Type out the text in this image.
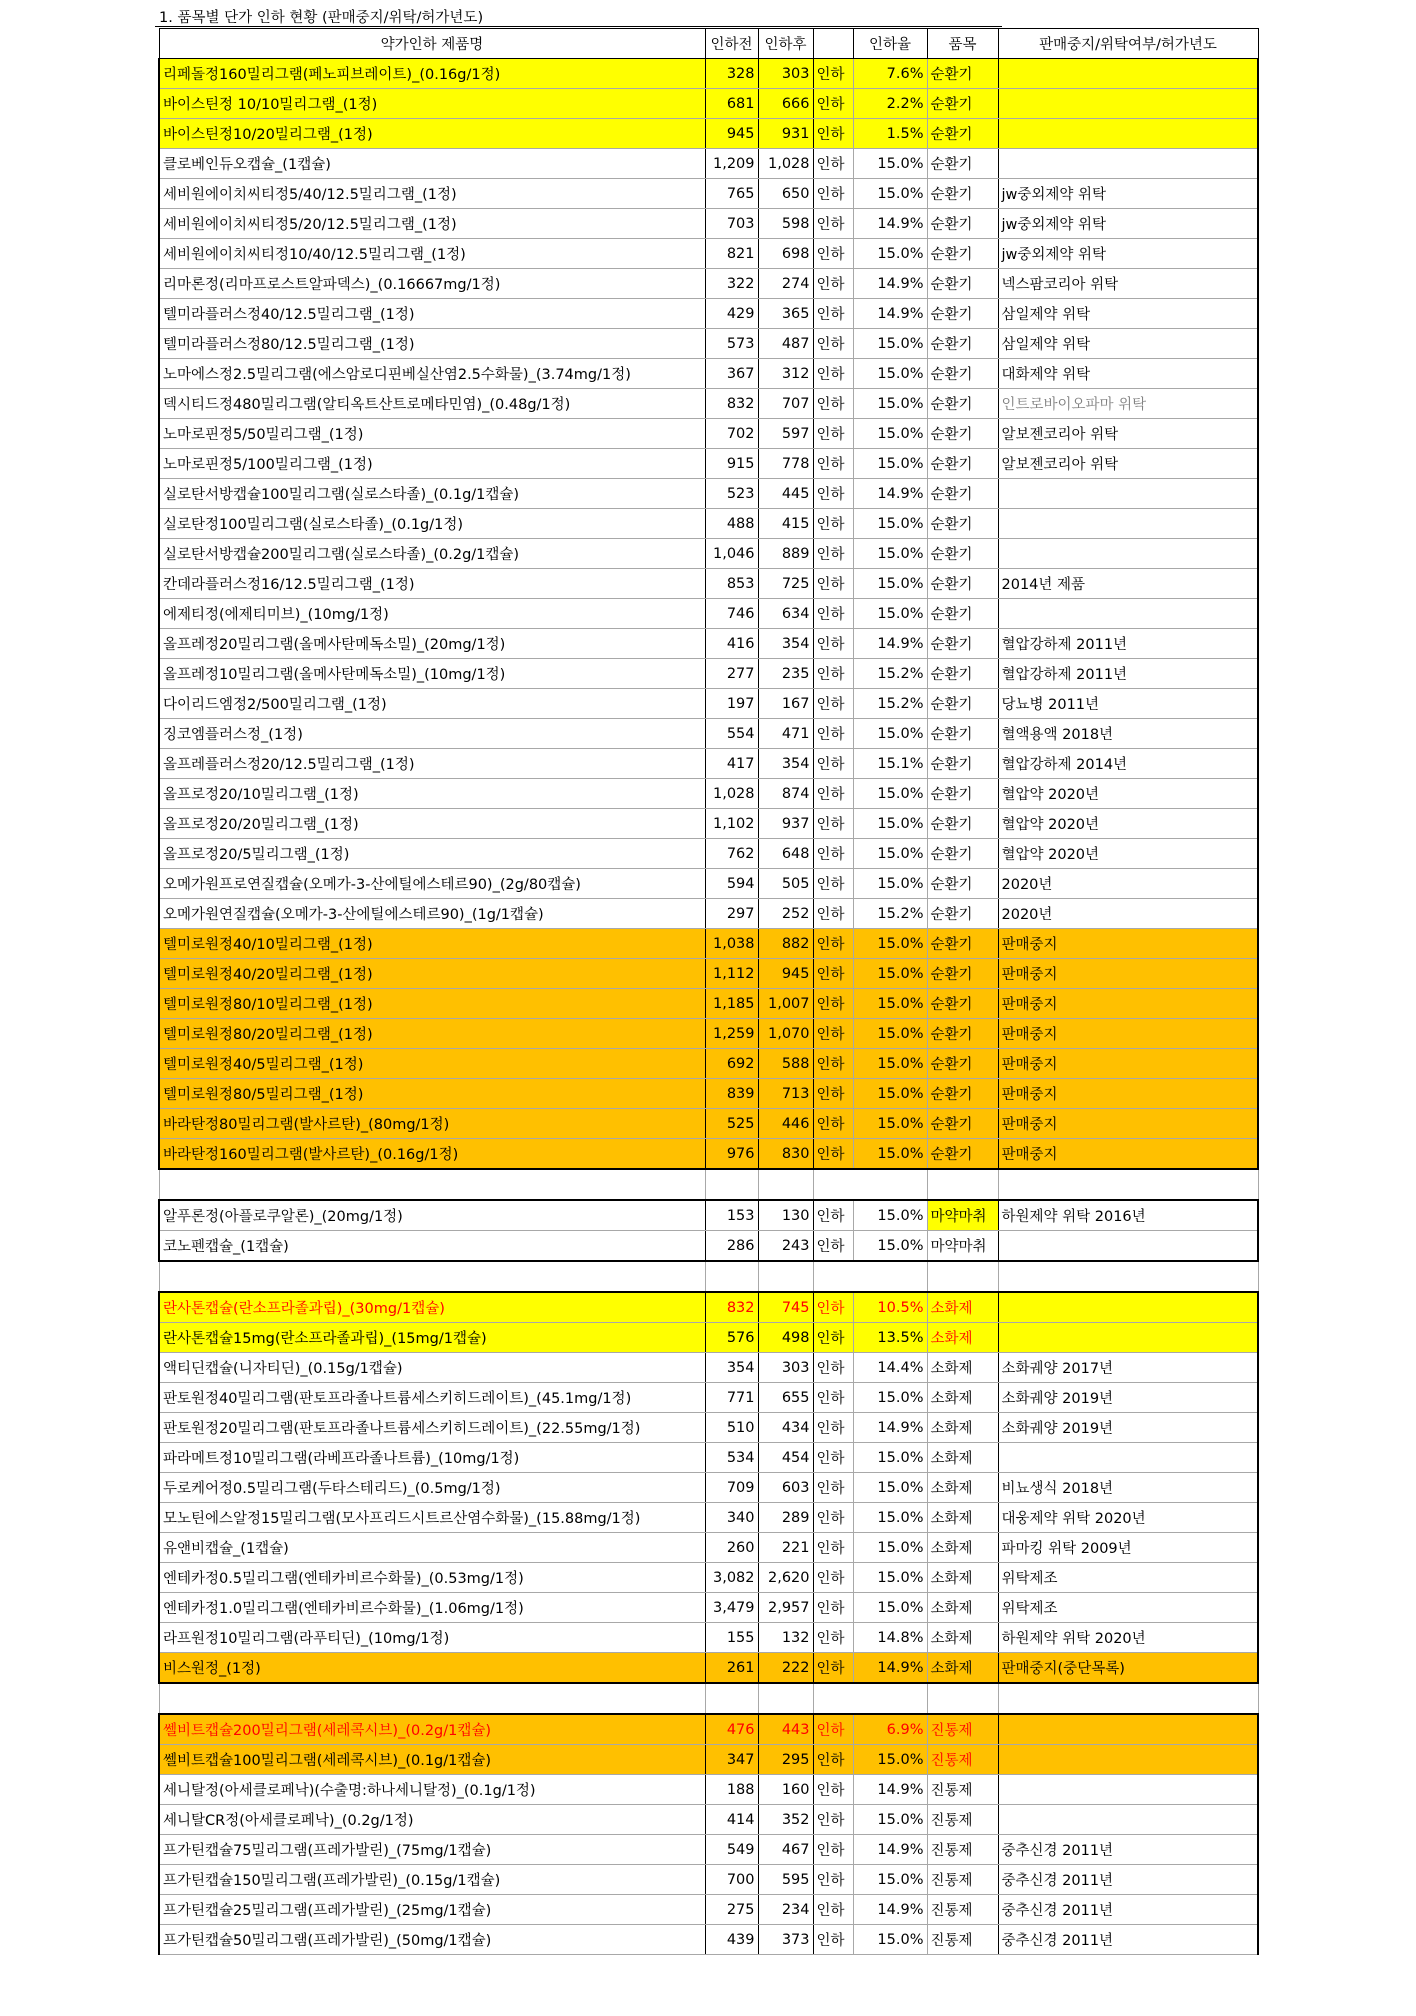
1. 품목별 단가 인하 현황 (판매중지/위탁/허가년도)
약가인하 제품명	인하전	인하후		인하율	품목	판매중지/위탁여부/허가년도
리페돌정160밀리그램(페노피브레이트)_(0.16g/1정)	328	303	인하	7.6%	순환기	
바이스틴정 10/10밀리그램_(1정)	681	666	인하	2.2%	순환기	
바이스틴정10/20밀리그램_(1정)	945	931	인하	1.5%	순환기	
클로베인듀오캡슐_(1캡슐)	1,209	1,028	인하	15.0%	순환기	
세비원에이치씨티정5/40/12.5밀리그램_(1정)	765	650	인하	15.0%	순환기	jw중외제약 위탁
세비원에이치씨티정5/20/12.5밀리그램_(1정)	703	598	인하	14.9%	순환기	jw중외제약 위탁
세비원에이치씨티정10/40/12.5밀리그램_(1정)	821	698	인하	15.0%	순환기	jw중외제약 위탁
리마론정(리마프로스트알파덱스)_(0.16667mg/1정)	322	274	인하	14.9%	순환기	넥스팜코리아 위탁
텔미라플러스정40/12.5밀리그램_(1정)	429	365	인하	14.9%	순환기	삼일제약 위탁
텔미라플러스정80/12.5밀리그램_(1정)	573	487	인하	15.0%	순환기	삼일제약 위탁
노마에스정2.5밀리그램(에스암로디핀베실산염2.5수화물)_(3.74mg/1정)	367	312	인하	15.0%	순환기	대화제약 위탁
덱시티드정480밀리그램(알티옥트산트로메타민염)_(0.48g/1정)	832	707	인하	15.0%	순환기	인트로바이오파마 위탁
노마로핀정5/50밀리그램_(1정)	702	597	인하	15.0%	순환기	알보젠코리아 위탁
노마로핀정5/100밀리그램_(1정)	915	778	인하	15.0%	순환기	알보젠코리아 위탁
실로탄서방캡슐100밀리그램(실로스타졸)_(0.1g/1캡슐)	523	445	인하	14.9%	순환기	
실로탄정100밀리그램(실로스타졸)_(0.1g/1정)	488	415	인하	15.0%	순환기	
실로탄서방캡슐200밀리그램(실로스타졸)_(0.2g/1캡슐)	1,046	889	인하	15.0%	순환기	
칸데라플러스정16/12.5밀리그램_(1정)	853	725	인하	15.0%	순환기	2014년 제품
에제티정(에제티미브)_(10mg/1정)	746	634	인하	15.0%	순환기	
올프레정20밀리그램(올메사탄메독소밀)_(20mg/1정)	416	354	인하	14.9%	순환기	혈압강하제 2011년
올프레정10밀리그램(올메사탄메독소밀)_(10mg/1정)	277	235	인하	15.2%	순환기	혈압강하제 2011년
다이리드엠정2/500밀리그램_(1정)	197	167	인하	15.2%	순환기	당뇨병 2011년
징코엠플러스정_(1정)	554	471	인하	15.0%	순환기	혈액용액 2018년
올프레플러스정20/12.5밀리그램_(1정)	417	354	인하	15.1%	순환기	혈압강하제 2014년
올프로정20/10밀리그램_(1정)	1,028	874	인하	15.0%	순환기	혈압약 2020년
올프로정20/20밀리그램_(1정)	1,102	937	인하	15.0%	순환기	혈압약 2020년
올프로정20/5밀리그램_(1정)	762	648	인하	15.0%	순환기	혈압약 2020년
오메가원프로연질캡슐(오메가-3-산에틸에스테르90)_(2g/80캡슐)	594	505	인하	15.0%	순환기	2020년
오메가원연질캡슐(오메가-3-산에틸에스테르90)_(1g/1캡슐)	297	252	인하	15.2%	순환기	2020년
텔미로원정40/10밀리그램_(1정)	1,038	882	인하	15.0%	순환기	판매중지
텔미로원정40/20밀리그램_(1정)	1,112	945	인하	15.0%	순환기	판매중지
텔미로원정80/10밀리그램_(1정)	1,185	1,007	인하	15.0%	순환기	판매중지
텔미로원정80/20밀리그램_(1정)	1,259	1,070	인하	15.0%	순환기	판매중지
텔미로원정40/5밀리그램_(1정)	692	588	인하	15.0%	순환기	판매중지
텔미로원정80/5밀리그램_(1정)	839	713	인하	15.0%	순환기	판매중지
바라탄정80밀리그램(발사르탄)_(80mg/1정)	525	446	인하	15.0%	순환기	판매중지
바라탄정160밀리그램(발사르탄)_(0.16g/1정)	976	830	인하	15.0%	순환기	판매중지

알푸론정(아플로쿠알론)_(20mg/1정)	153	130	인하	15.0%	마약마취	하원제약 위탁 2016년
코노펜캡슐_(1캡슐)	286	243	인하	15.0%	마약마취	

란사톤캡슐(란소프라졸과립)_(30mg/1캡슐)	832	745	인하	10.5%	소화제	
란사톤캡슐15mg(란소프라졸과립)_(15mg/1캡슐)	576	498	인하	13.5%	소화제	
액티딘캡슐(니자티딘)_(0.15g/1캡슐)	354	303	인하	14.4%	소화제	소화궤양 2017년
판토원정40밀리그램(판토프라졸나트륨세스키히드레이트)_(45.1mg/1정)	771	655	인하	15.0%	소화제	소화궤양 2019년
판토원정20밀리그램(판토프라졸나트륨세스키히드레이트)_(22.55mg/1정)	510	434	인하	14.9%	소화제	소화궤양 2019년
파라메트정10밀리그램(라베프라졸나트륨)_(10mg/1정)	534	454	인하	15.0%	소화제	
두로케어정0.5밀리그램(두타스테리드)_(0.5mg/1정)	709	603	인하	15.0%	소화제	비뇨생식 2018년
모노틴에스알정15밀리그램(모사프리드시트르산염수화물)_(15.88mg/1정)	340	289	인하	15.0%	소화제	대웅제약 위탁 2020년
유앤비캡슐_(1캡슐)	260	221	인하	15.0%	소화제	파마킹 위탁 2009년
엔테카정0.5밀리그램(엔테카비르수화물)_(0.53mg/1정)	3,082	2,620	인하	15.0%	소화제	위탁제조
엔테카정1.0밀리그램(엔테카비르수화물)_(1.06mg/1정)	3,479	2,957	인하	15.0%	소화제	위탁제조
라프원정10밀리그램(라푸티딘)_(10mg/1정)	155	132	인하	14.8%	소화제	하원제약 위탁 2020년
비스원정_(1정)	261	222	인하	14.9%	소화제	판매중지(중단목록)

쎌비트캡슐200밀리그램(세레콕시브)_(0.2g/1캡슐)	476	443	인하	6.9%	진통제	
쎌비트캡슐100밀리그램(세레콕시브)_(0.1g/1캡슐)	347	295	인하	15.0%	진통제	
세니탈정(아세클로페낙)(수출명:하나세니탈정)_(0.1g/1정)	188	160	인하	14.9%	진통제	
세니탈CR정(아세클로페낙)_(0.2g/1정)	414	352	인하	15.0%	진통제	
프가틴캡슐75밀리그램(프레가발린)_(75mg/1캡슐)	549	467	인하	14.9%	진통제	중추신경 2011년
프가틴캡슐150밀리그램(프레가발린)_(0.15g/1캡슐)	700	595	인하	15.0%	진통제	중추신경 2011년
프가틴캡슐25밀리그램(프레가발린)_(25mg/1캡슐)	275	234	인하	14.9%	진통제	중추신경 2011년
프가틴캡슐50밀리그램(프레가발린)_(50mg/1캡슐)	439	373	인하	15.0%	진통제	중추신경 2011년
